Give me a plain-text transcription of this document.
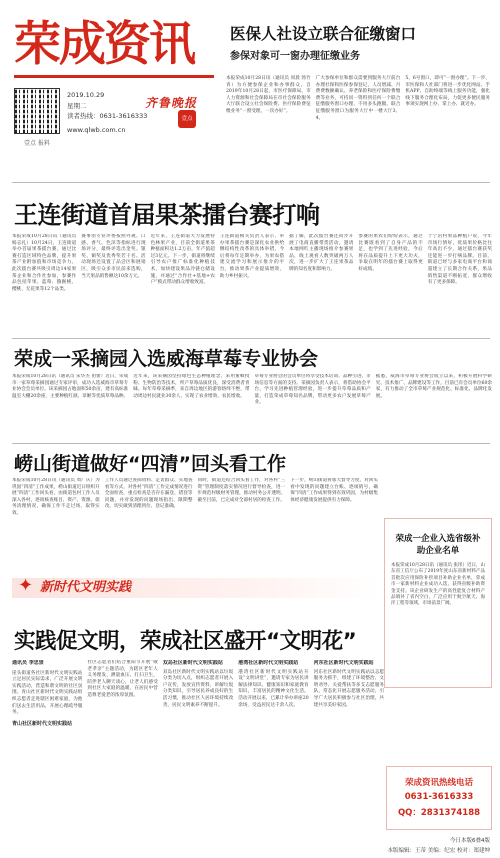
荣成资讯
壹点 报料
星期二
2019.10.29
读者热线：0631-3616333
www.qlwb.com.cn
齐鲁晚报
壹点
医保人社设立联合征缴窗口
参保对象可一窗办理征缴业务

本报荣成10月28日讯（通讯员 同晨 汤竹青）为方便参保企业和办事群众，自2019年10月28日起，市医疗保障局、市人力资源和社会保障局在市社会保险服务大厅联合设立社会保险费、医疗保险费征缴业务“一窗受理、一次办好”。

广大参保单位和群众需要到服务大厅前台办理社保和医保参保登记，人员增减、月费费数额确认、养老保险和医疗保险费缴费等业务，可持同一资料到任何一个联合征缴服务窗口办理，不用多头跑腿。联合征缴服务窗口为服务大厅中一楼大厅3、4、

5、6号窗口，即可“一窗办理”。下一步，市医保和人社部门将进一步优化网站、手机APP、自助终端等线上服务功能，强化线下服务合理化布局，力促更多便民服务事项实现网上办、掌上办、就近办。

王连街道首届果茶擂台赛打响

本报荣成10月28日讯（通讯员 杨志礼）10月24日，王连街道举办首届果茶擂台赛，通过比赛打造区域特色品牌，提升果茶产业附加值和市场竞争力。此次擂台赛共吸引周边14家果茶企业和合作社参加，参赛作品包括苹果、蓝莓、猕猴桃、樱桃、无花果等12个品类。

赛事由专业评委按照外观、口感、香气、色泽等指标进行现场评分，最终评选出金奖、银奖、铜奖及优秀奖若干名。活动现场还设置了品尝区和展销区，吸引众多市民前来选购，当天果品销售额达10余万元。

近年来，王连街道大力发展特色林果产业，目前全街道果茶种植面积达1.2万亩，年产值超过3亿元。下一步，街道将继续引导农户推广标准化种植技术，加快建设果品冷链仓储设施，并通过“合作社+基地+农户”模式带动群众增收致富。

王连街道相关负责人表示，举办果茶擂台赛是深化农业供给侧结构性改革的具体举措，今后将每年定期举办，为果农搭建交流学习和展示推介的平台，推动果茶产业提质增效，助力乡村振兴。

据了解，此次擂台赛还同步开展了电商直播带货活动，邀请本地网红主播现场推介参赛果品，线上观看人数突破两万人次，进一步扩大了王连果茶品牌的知名度和影响力。

参赛的果农们纷纷表示，通过比赛既看到了自身产品的不足，也学到了先进经验，今后将在品质提升上下更大功夫，争取在明年的擂台赛上取得更好成绩。

于宁岩村果品种植户说，今年市场行情好，优质果价格比往年高出不少，通过擂台赛获奖还能进一步打响品牌。目前，街道已经与多家电商平台和商超建立了长期合作关系，果品销售渠道不断拓宽，群众增收有了更多保障。

荣成一采摘园入选威海草莓专业协会

本报荣成10月28日讯（通讯员 宋华杰 由蕾）近日，荣成市一家草莓采摘园通过专家评审，成功入选威海市草莓专业协会会员单位。该采摘园占地面积50余亩，建有高标准温室大棚20余座，主要种植红颜、章姬等优质草莓品种。

近年来，该采摘园坚持绿色生态种植理念，采用蜜蜂授粉、生物防治等技术，所产草莓品质优良，深受消费者青睐。每年草莓采摘季，来自周边地区的游客络绎不绝，带动周边村民就业30余人，实现了农业增效、农民增收。

草莓专业协会的会员单位将享受技术培训、品种引进、市场信息等方面的支持。采摘园负责人表示，将借助协会平台，学习先进种植管理经验，进一步提升草莓品质和产量，打造荣成草莓知名品牌，带动更多农户发展草莓产业。

据悉，威海市草莓专业协会成立以来，积极开展科学研究、技术推广、品牌建设等工作，目前已有会员单位60余家，有力推动了全市草莓产业规范化、标准化、品牌化发展。

崂山街道做好“四清”回头看工作

本报荣成10月28日讯（通讯员 周广庆）为巩固“四清”工作成果，崂山街道近日组织开展“四清”工作回头看，由街道包村工作人员深入各村，逐项核查账目、资产、资源、债务清理情况，确保工作不走过场、取得实效。

工作人员通过查阅资料、走访群众、实地查看等方式，对各村“四清”工作完成情况进行全面检查，重点检查是否存在漏登、错登等问题，并对发现的问题现场指出、限期整改，切实做到清理到位、登记准确。

同时，街道还结合回头看工作，对各村“三资”管理制度落实情况进行督导检查，进一步规范村级财务管理，推动村务公开透明。截至目前，已完成对全部村居的检查工作。

下一步，崂山街道将加大督导力度，对回头看中发现的问题建立台账、逐项销号，确保“四清”工作成果得到有效巩固，为村级集体经济健康发展提供有力保障。

荣成一企业入选省级补助企业名单

本报荣成10月28日讯（通讯员 张彤）近日，山东省工信厅公布了2019年度山东省新材料产品首批次应用保险补偿项目补助企业名单，荣成市一家新材料企业成功入选，获得省级补助资金支持。该企业研发生产的高性能复合材料产品填补了省内空白，广泛应用于航空航天、海洋工程等领域，市场前景广阔。

✦ 新时代文明实践
实践促文明，荣成社区盛开“文明花”
通讯员 李忠崇

崖头街道各社区新时代文明实践站立足居民实际需求，广泛开展文明实践活动，营造和谐文明的社区氛围。青山社区新时代文明实践站组织志愿者走进辖区困难家庭，为他们送去生活用品，开展心理疏导服务。

青山社区新时代文明实践站

社区志愿者们结合重阳节开展“敬老孝亲”主题活动，为辖区老年人义务理发、测量血压、打扫卫生，陪伴老人聊天谈心，让老人们感受到社区大家庭的温暖，在居民中营造尊老爱老的浓厚氛围。

双岛社区新时代文明实践站

双岛社区新时代文明实践站以垃圾分类为切入点，组织志愿者开展入户宣传，发放宣传资料，讲解垃圾分类知识，引导居民养成良好的生活习惯，推动社区人居环境持续改善，居民文明素养不断提升。

港湾社区新时代文明实践站

港湾社区新时代文明实践站开设“文明讲堂”，邀请专家为居民讲解法律知识、健康知识和家庭教育知识，丰富居民的精神文化生活。活动开展以来，已累计举办讲座20余场，受益居民达千余人次。

河东社区新时代文明实践站

河东社区新时代文明实践站以志愿服务为抓手，组建了环境整治、文明劝导、关爱帮扶等多支志愿服务队，常态化开展志愿服务活动，引导广大居民积极参与社区治理，共建共享美好家园。

荣成资讯热线电话
0631-3616333
QQ：2831374188
今日本版6叠4版
本版编辑：王蒂 美编：纪宏 校对：郑建坤
